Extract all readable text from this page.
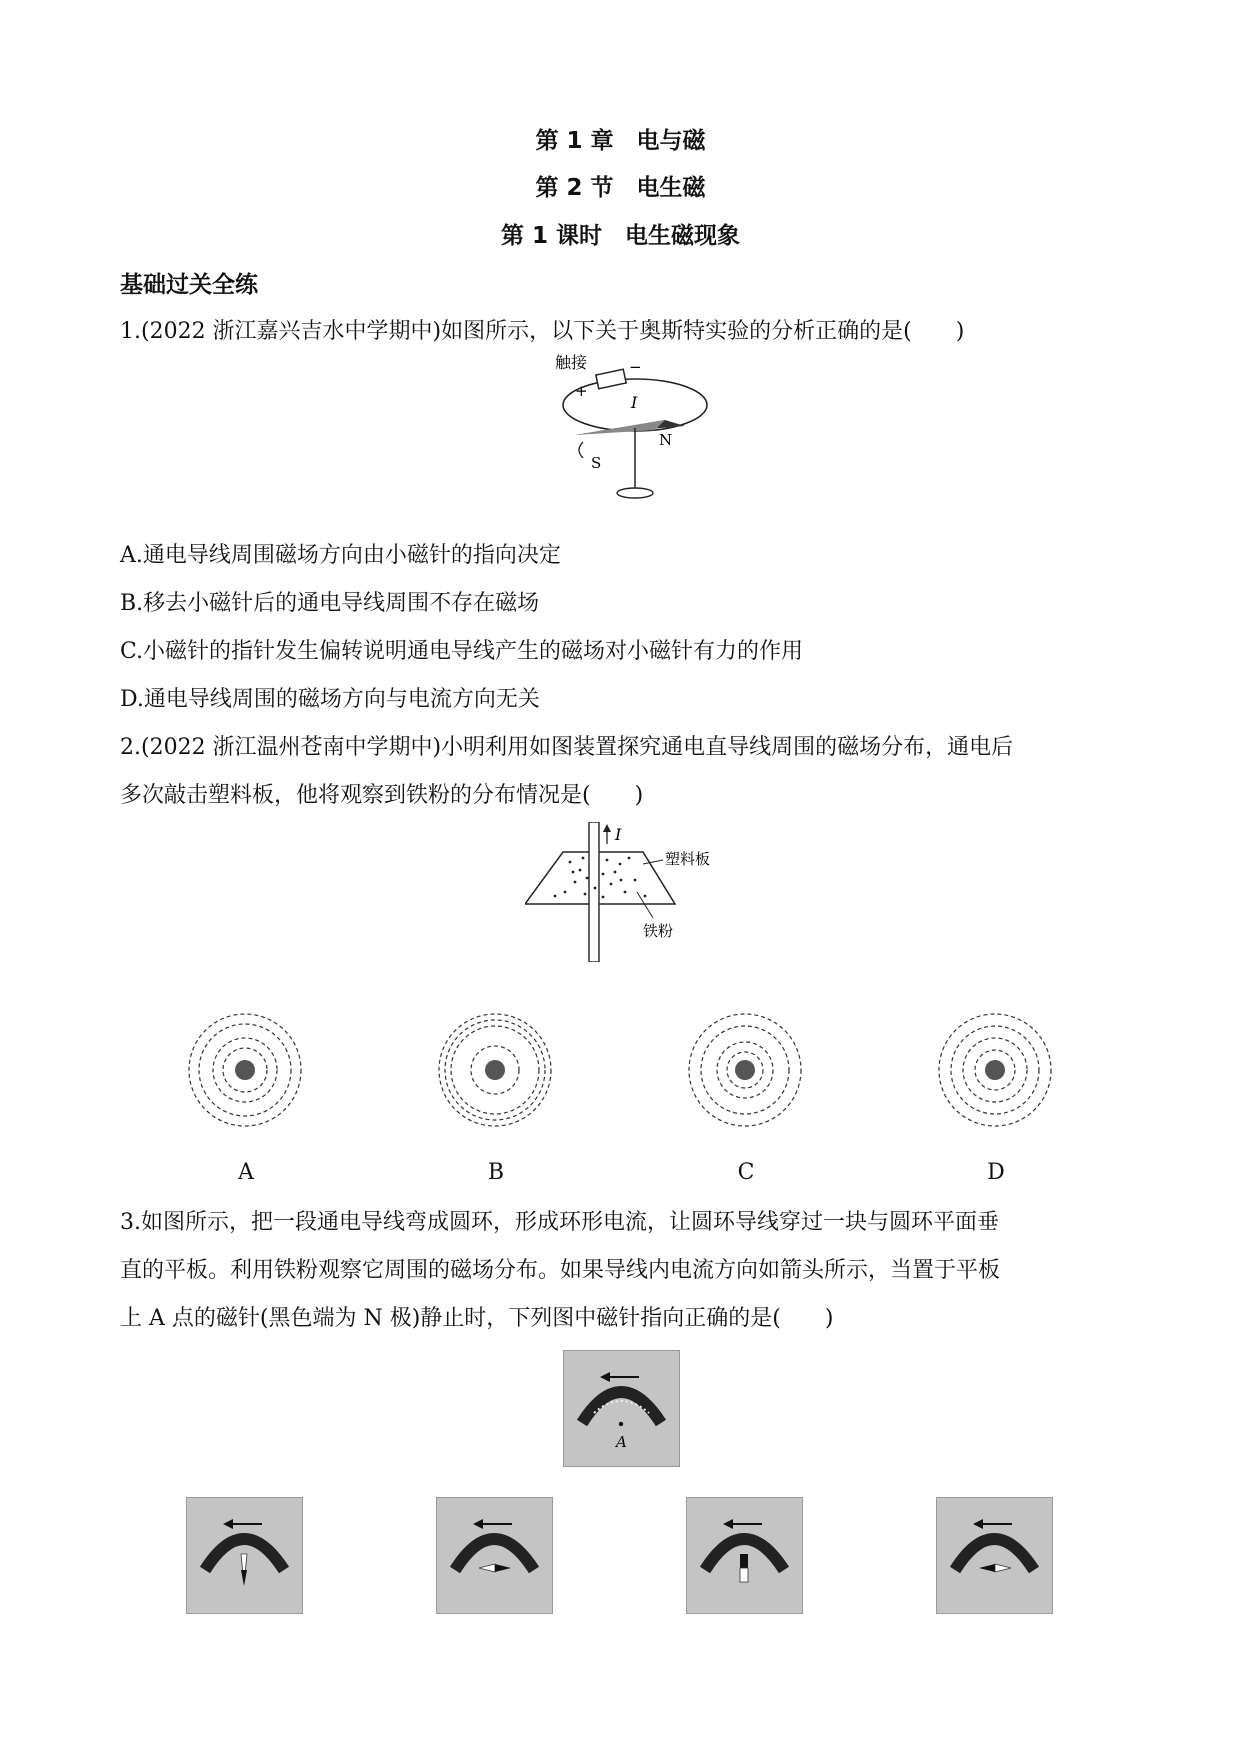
第 1 章　电与磁
第 2 节　电生磁
第 1 课时　电生磁现象
基础过关全练
1.(2022 浙江嘉兴吉水中学期中)如图所示，以下关于奥斯特实验的分析正确的是(　　)
触接
+
−
I
N
S
A.通电导线周围磁场方向由小磁针的指向决定
B.移去小磁针后的通电导线周围不存在磁场
C.小磁针的指针发生偏转说明通电导线产生的磁场对小磁针有力的作用
D.通电导线周围的磁场方向与电流方向无关
2.(2022 浙江温州苍南中学期中)小明利用如图装置探究通电直导线周围的磁场分布，通电后
多次敲击塑料板，他将观察到铁粉的分布情况是(　　)
I
塑料板
铁粉
A	B	C	D
3.如图所示，把一段通电导线弯成圆环，形成环形电流，让圆环导线穿过一块与圆环平面垂
直的平板。利用铁粉观察它周围的磁场分布。如果导线内电流方向如箭头所示，当置于平板
上 A 点的磁针(黑色端为 N 极)静止时，下列图中磁针指向正确的是(　　)
A
